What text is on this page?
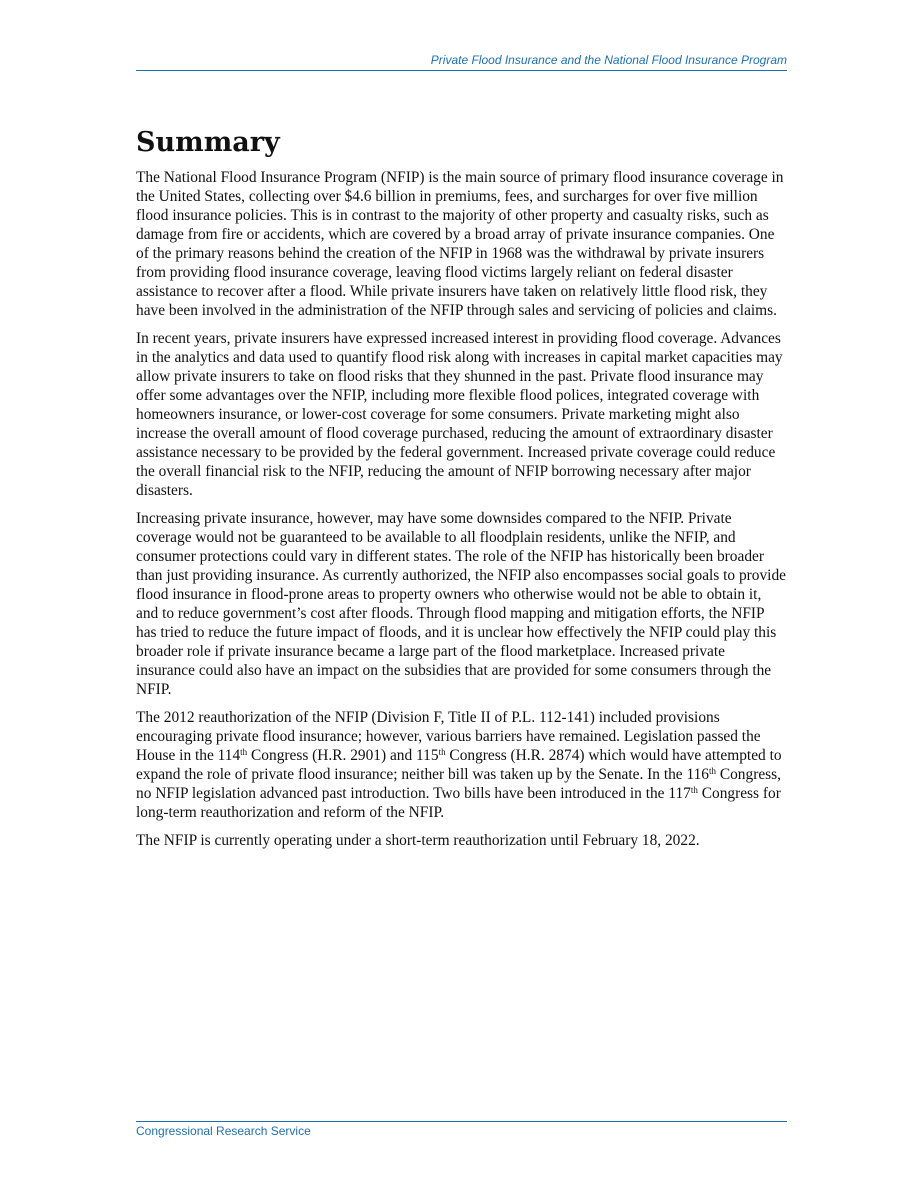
Private Flood Insurance and the National Flood Insurance Program
Summary

The National Flood Insurance Program (NFIP) is the main source of primary flood insurance coverage in the United States, collecting over $4.6 billion in premiums, fees, and surcharges for over five million flood insurance policies. This is in contrast to the majority of other property and casualty risks, such as damage from fire or accidents, which are covered by a broad array of private insurance companies. One of the primary reasons behind the creation of the NFIP in 1968 was the withdrawal by private insurers from providing flood insurance coverage, leaving flood victims largely reliant on federal disaster assistance to recover after a flood. While private insurers have taken on relatively little flood risk, they have been involved in the administration of the NFIP through sales and servicing of policies and claims.

In recent years, private insurers have expressed increased interest in providing flood coverage. Advances in the analytics and data used to quantify flood risk along with increases in capital market capacities may allow private insurers to take on flood risks that they shunned in the past. Private flood insurance may offer some advantages over the NFIP, including more flexible flood polices, integrated coverage with homeowners insurance, or lower-cost coverage for some consumers. Private marketing might also increase the overall amount of flood coverage purchased, reducing the amount of extraordinary disaster assistance necessary to be provided by the federal government. Increased private coverage could reduce the overall financial risk to the NFIP, reducing the amount of NFIP borrowing necessary after major disasters.

Increasing private insurance, however, may have some downsides compared to the NFIP. Private coverage would not be guaranteed to be available to all floodplain residents, unlike the NFIP, and consumer protections could vary in different states. The role of the NFIP has historically been broader than just providing insurance. As currently authorized, the NFIP also encompasses social goals to provide flood insurance in flood-prone areas to property owners who otherwise would not be able to obtain it, and to reduce government’s cost after floods. Through flood mapping and mitigation efforts, the NFIP has tried to reduce the future impact of floods, and it is unclear how effectively the NFIP could play this broader role if private insurance became a large part of the flood marketplace. Increased private insurance could also have an impact on the subsidies that are provided for some consumers through the NFIP.

The 2012 reauthorization of the NFIP (Division F, Title II of P.L. 112-141) included provisions encouraging private flood insurance; however, various barriers have remained. Legislation passed the House in the 114th Congress (H.R. 2901) and 115th Congress (H.R. 2874) which would have attempted to expand the role of private flood insurance; neither bill was taken up by the Senate. In the 116th Congress, no NFIP legislation advanced past introduction. Two bills have been introduced in the 117th Congress for long-term reauthorization and reform of the NFIP.

The NFIP is currently operating under a short-term reauthorization until February 18, 2022.

Congressional Research Service
